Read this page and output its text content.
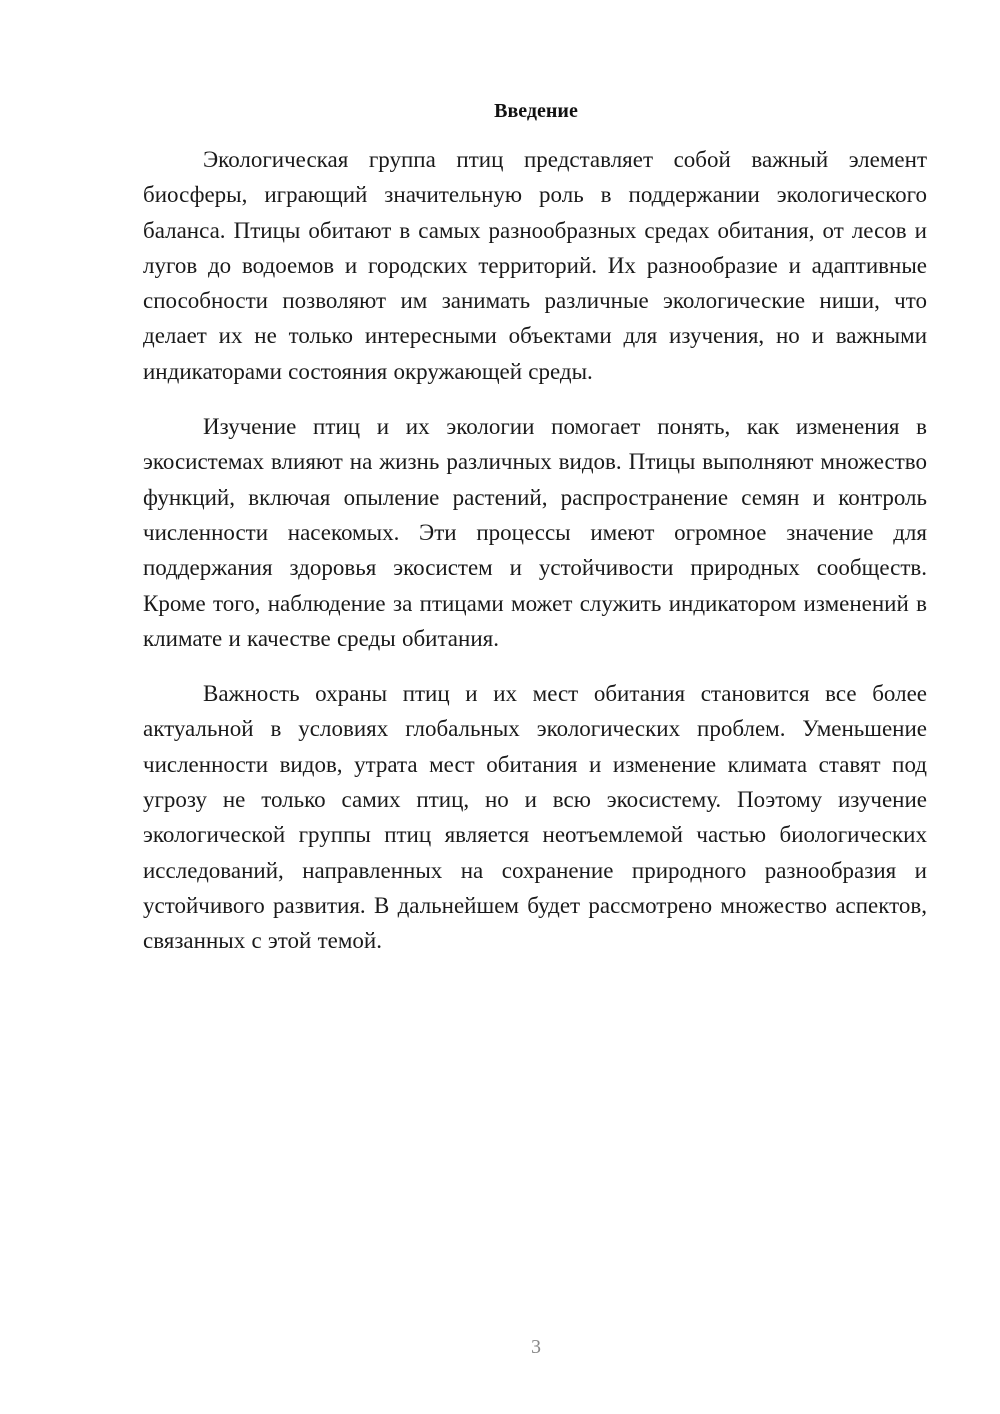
Введение

Экологическая группа птиц представляет собой важный элемент биосферы, играющий значительную роль в поддержании экологического баланса. Птицы обитают в самых разнообразных средах обитания, от лесов и лугов до водоемов и городских территорий. Их разнообразие и адаптивные способности позволяют им занимать различные экологические ниши, что делает их не только интересными объектами для изучения, но и важными индикаторами состояния окружающей среды.

Изучение птиц и их экологии помогает понять, как изменения в экосистемах влияют на жизнь различных видов. Птицы выполняют множество функций, включая опыление растений, распространение семян и контроль численности насекомых. Эти процессы имеют огромное значение для поддержания здоровья экосистем и устойчивости природных сообществ. Кроме того, наблюдение за птицами может служить индикатором изменений в климате и качестве среды обитания.

Важность охраны птиц и их мест обитания становится все более актуальной в условиях глобальных экологических проблем. Уменьшение численности видов, утрата мест обитания и изменение климата ставят под угрозу не только самих птиц, но и всю экосистему. Поэтому изучение экологической группы птиц является неотъемлемой частью биологических исследований, направленных на сохранение природного разнообразия и устойчивого развития. В дальнейшем будет рассмотрено множество аспектов, связанных с этой темой.

3
